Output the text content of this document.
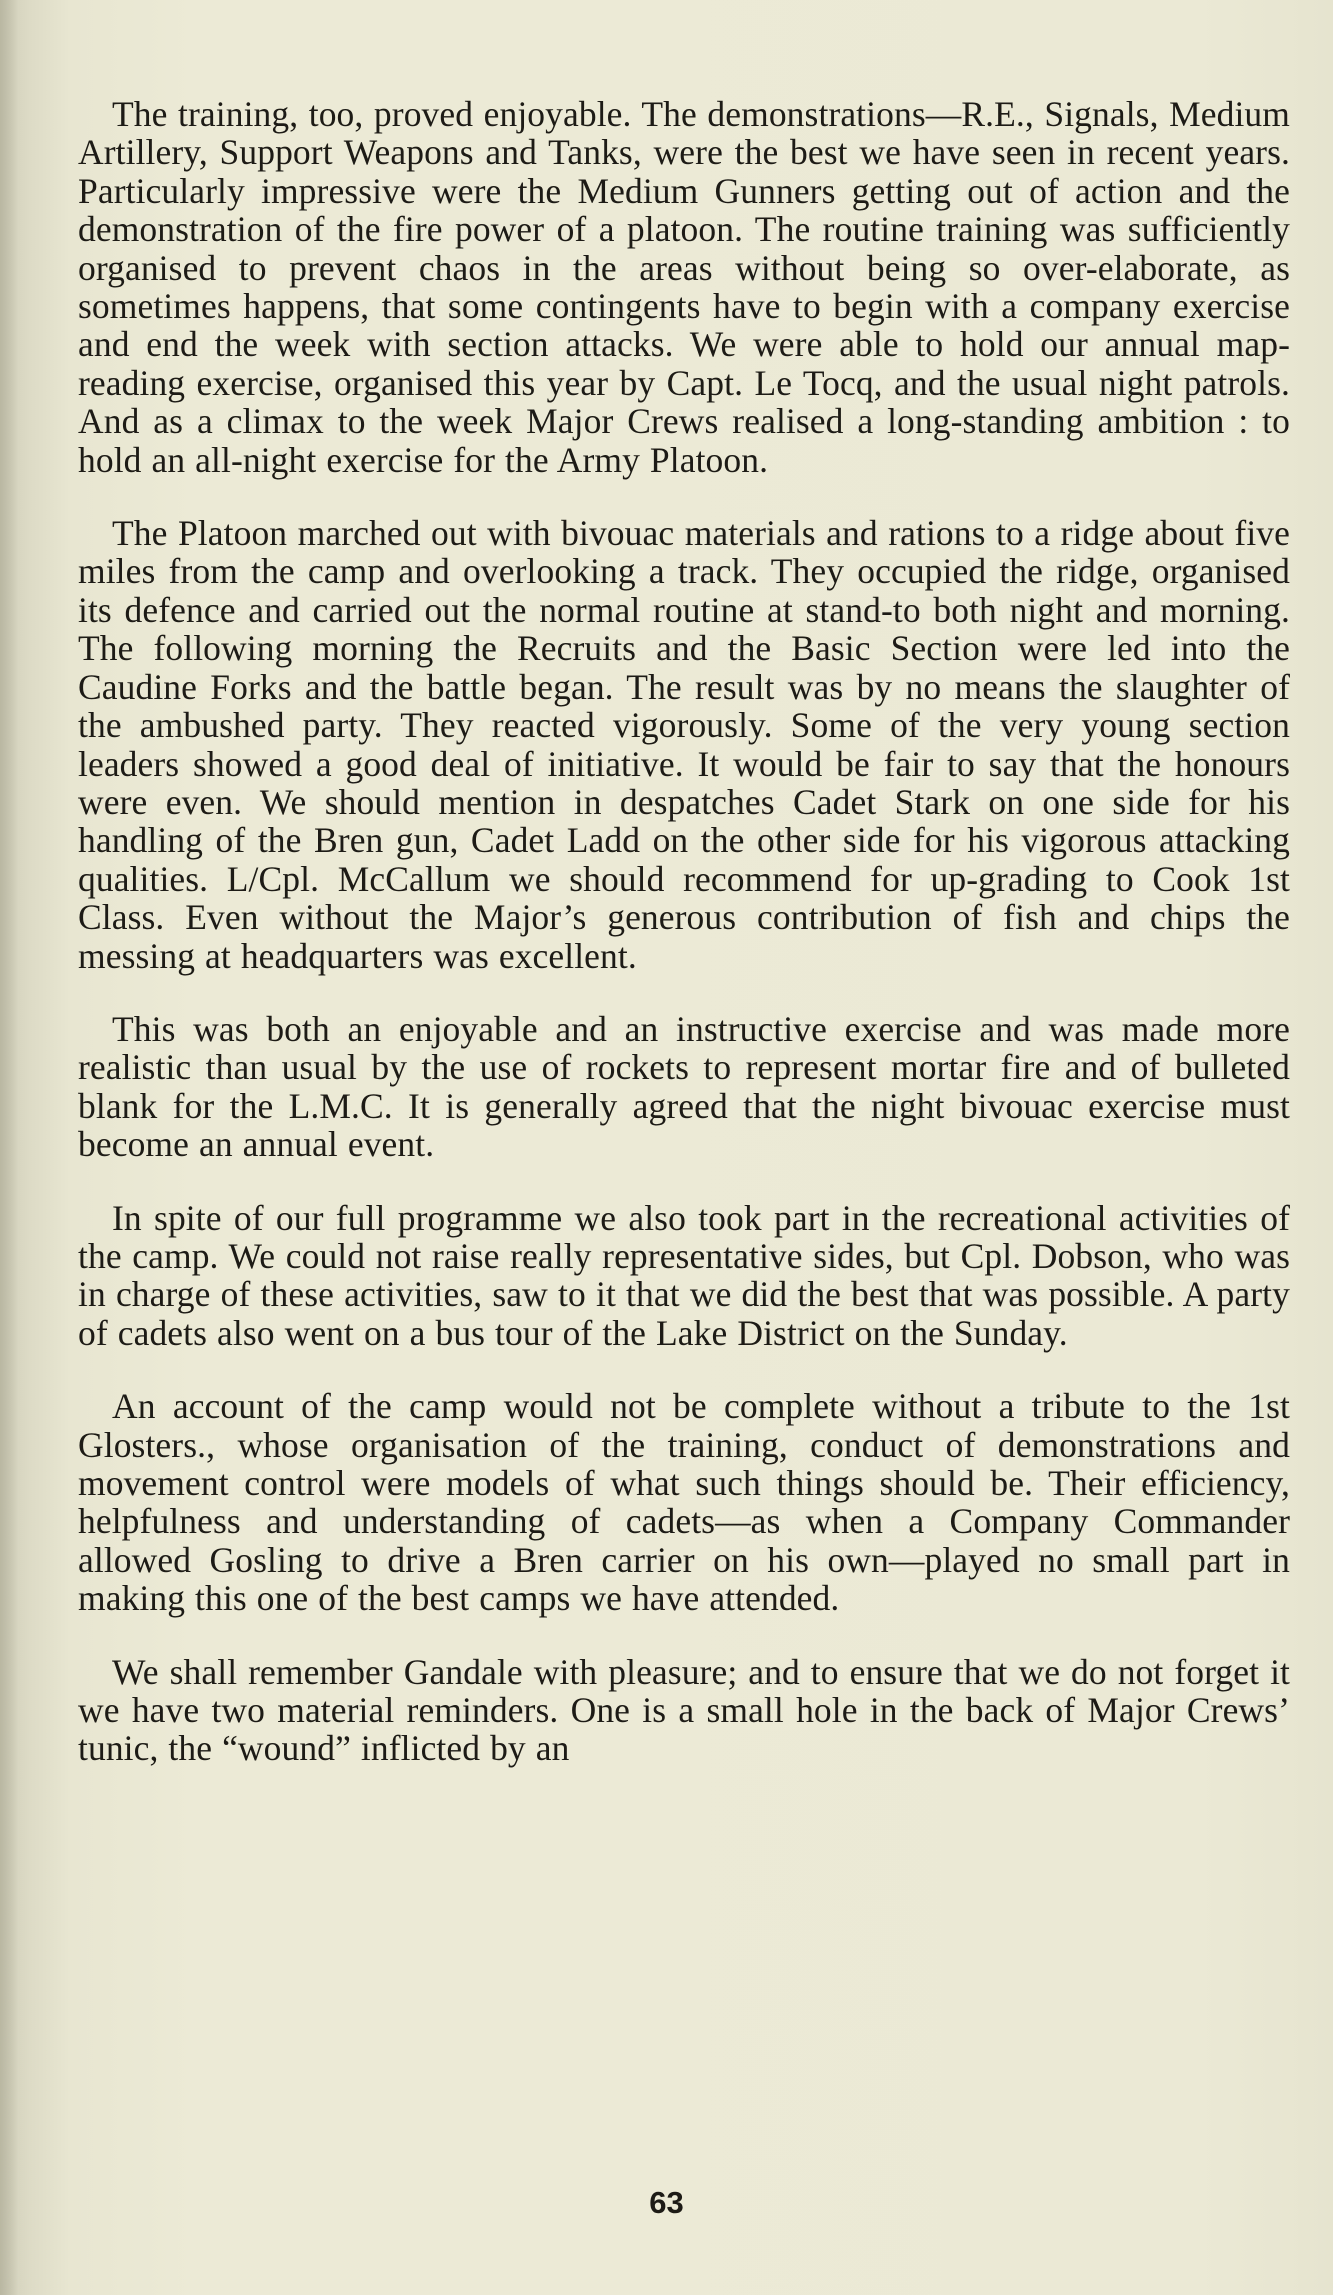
The training, too, proved enjoyable. The demonstrations—R.E., Signals, Medium Artillery, Support Weapons and Tanks, were the best we have seen in recent years. Particularly impressive were the Medium Gunners getting out of action and the demonstration of the fire power of a platoon. The routine training was sufficiently organised to prevent chaos in the areas without being so over-elaborate, as sometimes happens, that some contingents have to begin with a company exercise and end the week with section attacks. We were able to hold our annual map-reading exercise, organised this year by Capt. Le Tocq, and the usual night patrols. And as a climax to the week Major Crews realised a long-standing ambition : to hold an all-night exercise for the Army Platoon.

The Platoon marched out with bivouac materials and rations to a ridge about five miles from the camp and overlooking a track. They occupied the ridge, organised its defence and carried out the normal routine at stand-to both night and morning. The following morning the Recruits and the Basic Section were led into the Caudine Forks and the battle began. The result was by no means the slaughter of the ambushed party. They reacted vigorously. Some of the very young section leaders showed a good deal of initiative. It would be fair to say that the honours were even. We should mention in despatches Cadet Stark on one side for his handling of the Bren gun, Cadet Ladd on the other side for his vigorous attacking qualities. L/Cpl. McCallum we should recommend for up-grading to Cook 1st Class. Even without the Major’s generous contribution of fish and chips the messing at headquarters was excellent.

This was both an enjoyable and an instructive exercise and was made more realistic than usual by the use of rockets to represent mortar fire and of bulleted blank for the L.M.C. It is generally agreed that the night bivouac exercise must become an annual event.

In spite of our full programme we also took part in the recreational activities of the camp. We could not raise really representative sides, but Cpl. Dobson, who was in charge of these activities, saw to it that we did the best that was possible. A party of cadets also went on a bus tour of the Lake District on the Sunday.

An account of the camp would not be complete without a tribute to the 1st Glosters., whose organisation of the training, conduct of demonstrations and movement control were models of what such things should be. Their efficiency, helpfulness and understanding of cadets—as when a Company Commander allowed Gosling to drive a Bren carrier on his own—played no small part in making this one of the best camps we have attended.

We shall remember Gandale with pleasure; and to ensure that we do not forget it we have two material reminders. One is a small hole in the back of Major Crews’ tunic, the “wound” inflicted by an

63
